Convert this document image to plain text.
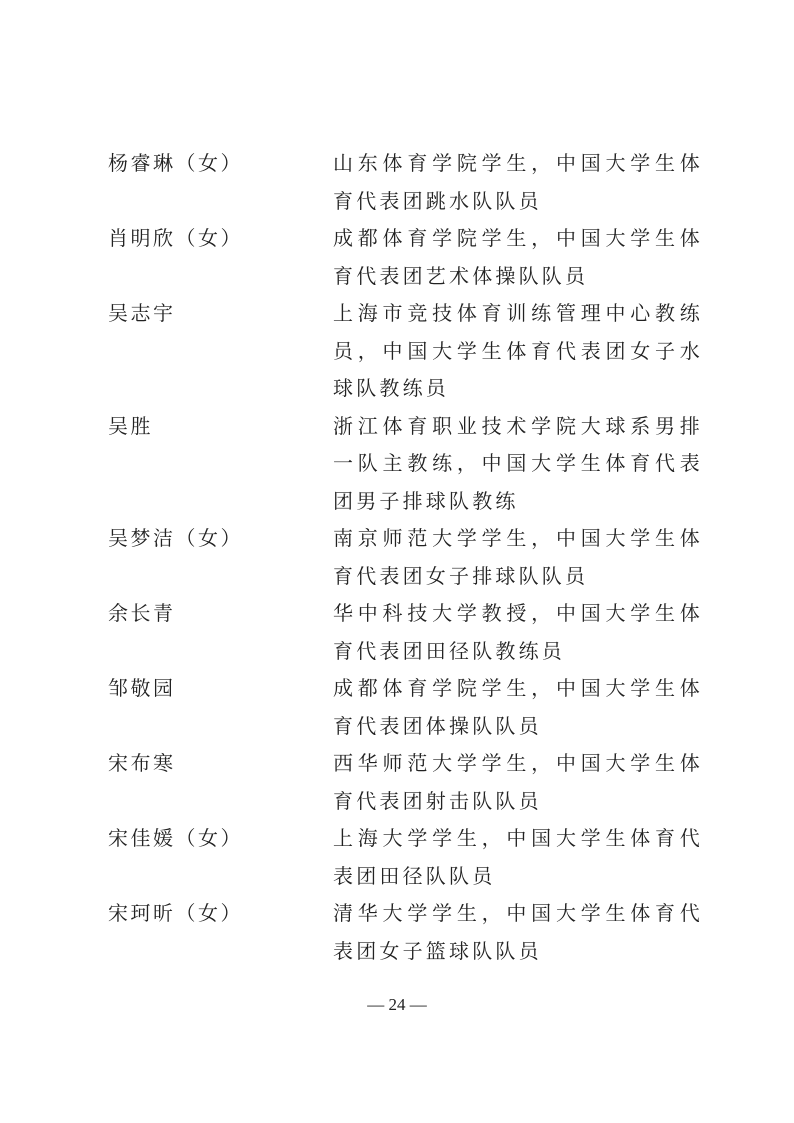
杨睿琳（女）	山东体育学院学生，中国大学生体育代表团跳水队队员
肖明欣（女）	成都体育学院学生，中国大学生体育代表团艺术体操队队员
吴志宇	上海市竞技体育训练管理中心教练员，中国大学生体育代表团女子水球队教练员
吴胜	浙江体育职业技术学院大球系男排一队主教练，中国大学生体育代表团男子排球队教练
吴梦洁（女）	南京师范大学学生，中国大学生体育代表团女子排球队队员
余长青	华中科技大学教授，中国大学生体育代表团田径队教练员
邹敬园	成都体育学院学生，中国大学生体育代表团体操队队员
宋布寒	西华师范大学学生，中国大学生体育代表团射击队队员
宋佳媛（女）	上海大学学生，中国大学生体育代表团田径队队员
宋珂昕（女）	清华大学学生，中国大学生体育代表团女子篮球队队员
— 24 —
